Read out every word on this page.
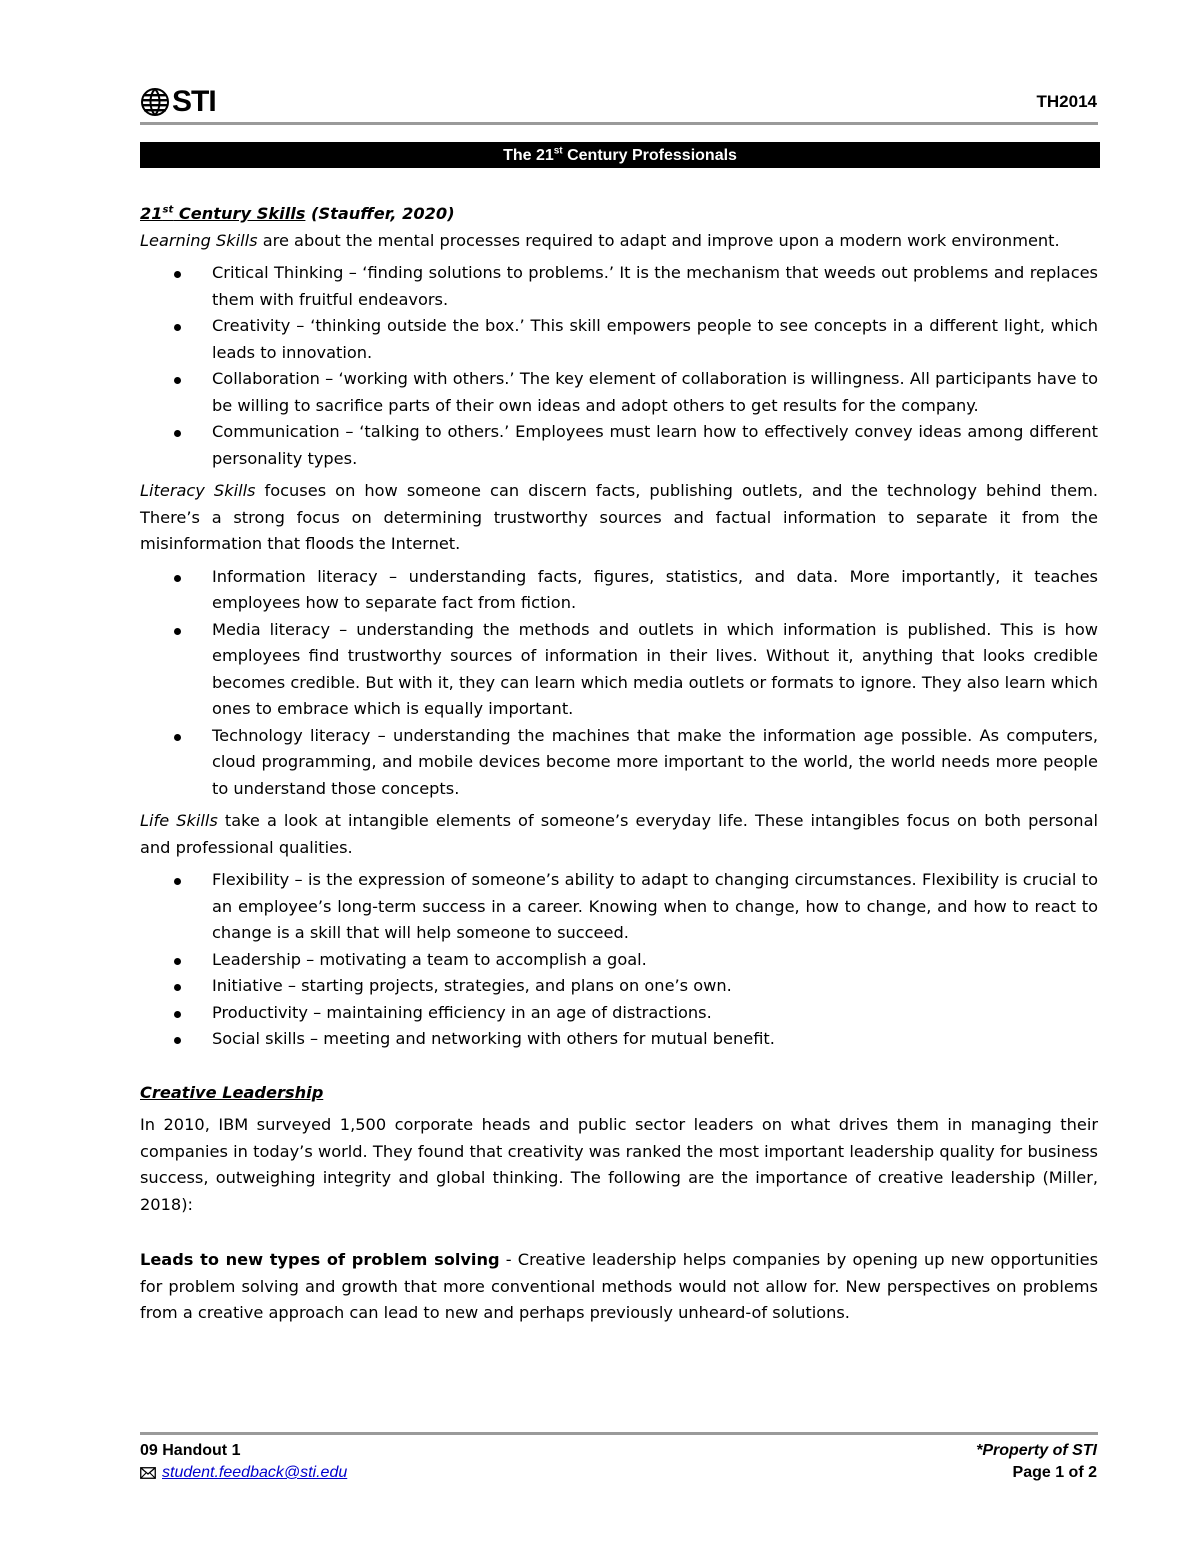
STI	TH2014
The 21st Century Professionals

21st Century Skills (Stauffer, 2020)

Learning Skills are about the mental processes required to adapt and improve upon a modern work environment.

Critical Thinking – ‘finding solutions to problems.’ It is the mechanism that weeds out problems and replaces them with fruitful endeavors.
Creativity – ‘thinking outside the box.’ This skill empowers people to see concepts in a different light, which leads to innovation.
Collaboration – ‘working with others.’ The key element of collaboration is willingness. All participants have to be willing to sacrifice parts of their own ideas and adopt others to get results for the company.
Communication – ‘talking to others.’ Employees must learn how to effectively convey ideas among different personality types.

Literacy Skills focuses on how someone can discern facts, publishing outlets, and the technology behind them. There’s a strong focus on determining trustworthy sources and factual information to separate it from the misinformation that floods the Internet.

Information literacy – understanding facts, figures, statistics, and data. More importantly, it teaches employees how to separate fact from fiction.
Media literacy – understanding the methods and outlets in which information is published. This is how employees find trustworthy sources of information in their lives. Without it, anything that looks credible becomes credible. But with it, they can learn which media outlets or formats to ignore. They also learn which ones to embrace which is equally important.
Technology literacy – understanding the machines that make the information age possible. As computers, cloud programming, and mobile devices become more important to the world, the world needs more people to understand those concepts.

Life Skills take a look at intangible elements of someone’s everyday life. These intangibles focus on both personal and professional qualities.

Flexibility – is the expression of someone’s ability to adapt to changing circumstances. Flexibility is crucial to an employee’s long-term success in a career. Knowing when to change, how to change, and how to react to change is a skill that will help someone to succeed.
Leadership – motivating a team to accomplish a goal.
Initiative – starting projects, strategies, and plans on one’s own.
Productivity – maintaining efficiency in an age of distractions.
Social skills – meeting and networking with others for mutual benefit.

Creative Leadership

In 2010, IBM surveyed 1,500 corporate heads and public sector leaders on what drives them in managing their companies in today’s world. They found that creativity was ranked the most important leadership quality for business success, outweighing integrity and global thinking. The following are the importance of creative leadership (Miller, 2018):

Leads to new types of problem solving - Creative leadership helps companies by opening up new opportunities for problem solving and growth that more conventional methods would not allow for. New perspectives on problems from a creative approach can lead to new and perhaps previously unheard-of solutions.

09 Handout 1
student.feedback@sti.edu
*Property of STI
Page 1 of 2
